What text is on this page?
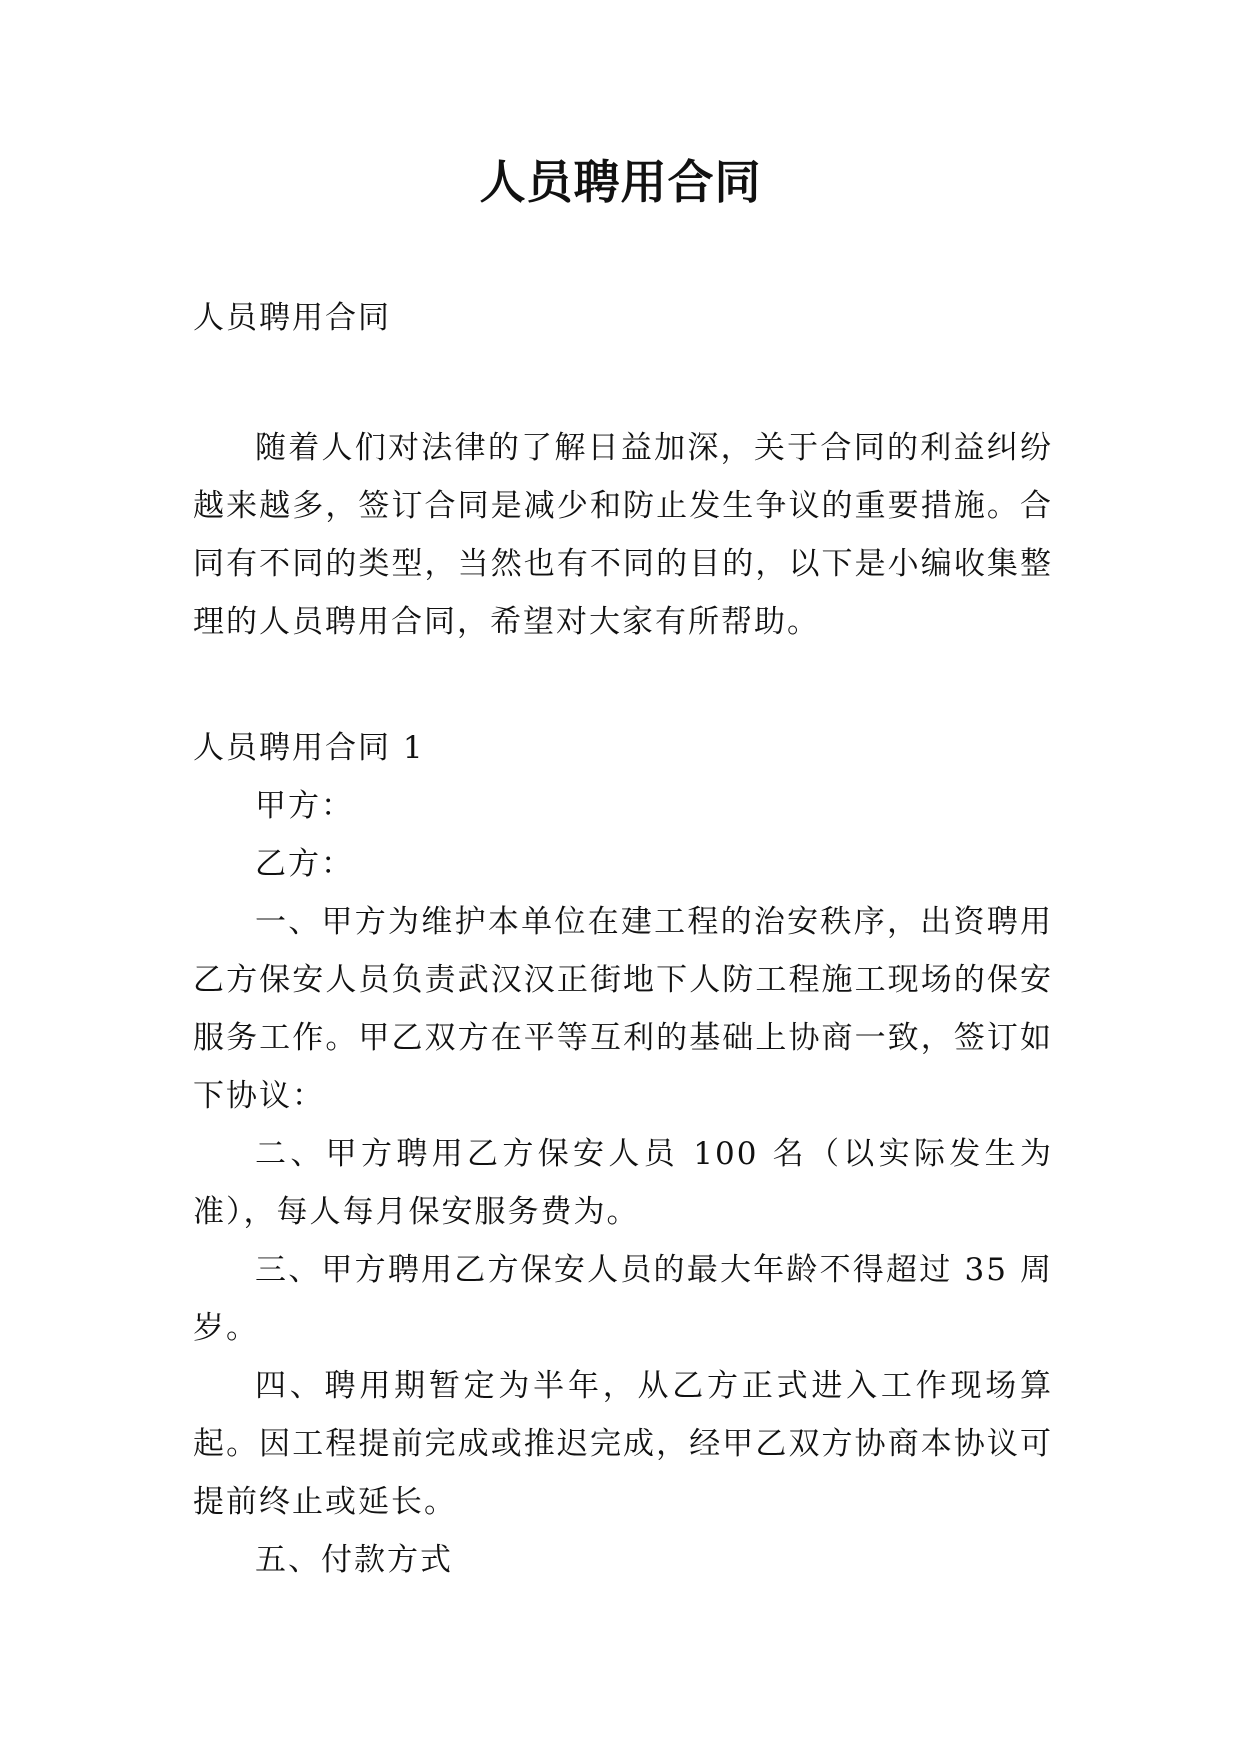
人员聘用合同

人员聘用合同

随着人们对法律的了解日益加深，关于合同的利益纠纷越来越多，签订合同是减少和防止发生争议的重要措施。合同有不同的类型，当然也有不同的目的，以下是小编收集整理的人员聘用合同，希望对大家有所帮助。

人员聘用合同 1

甲方：

乙方：

一、甲方为维护本单位在建工程的治安秩序，出资聘用乙方保安人员负责武汉汉正街地下人防工程施工现场的保安服务工作。甲乙双方在平等互利的基础上协商一致，签订如下协议：

二、甲方聘用乙方保安人员 100 名（以实际发生为准），每人每月保安服务费为。

三、甲方聘用乙方保安人员的最大年龄不得超过 35 周岁。

四、聘用期暂定为半年，从乙方正式进入工作现场算起。因工程提前完成或推迟完成，经甲乙双方协商本协议可提前终止或延长。

五、付款方式
